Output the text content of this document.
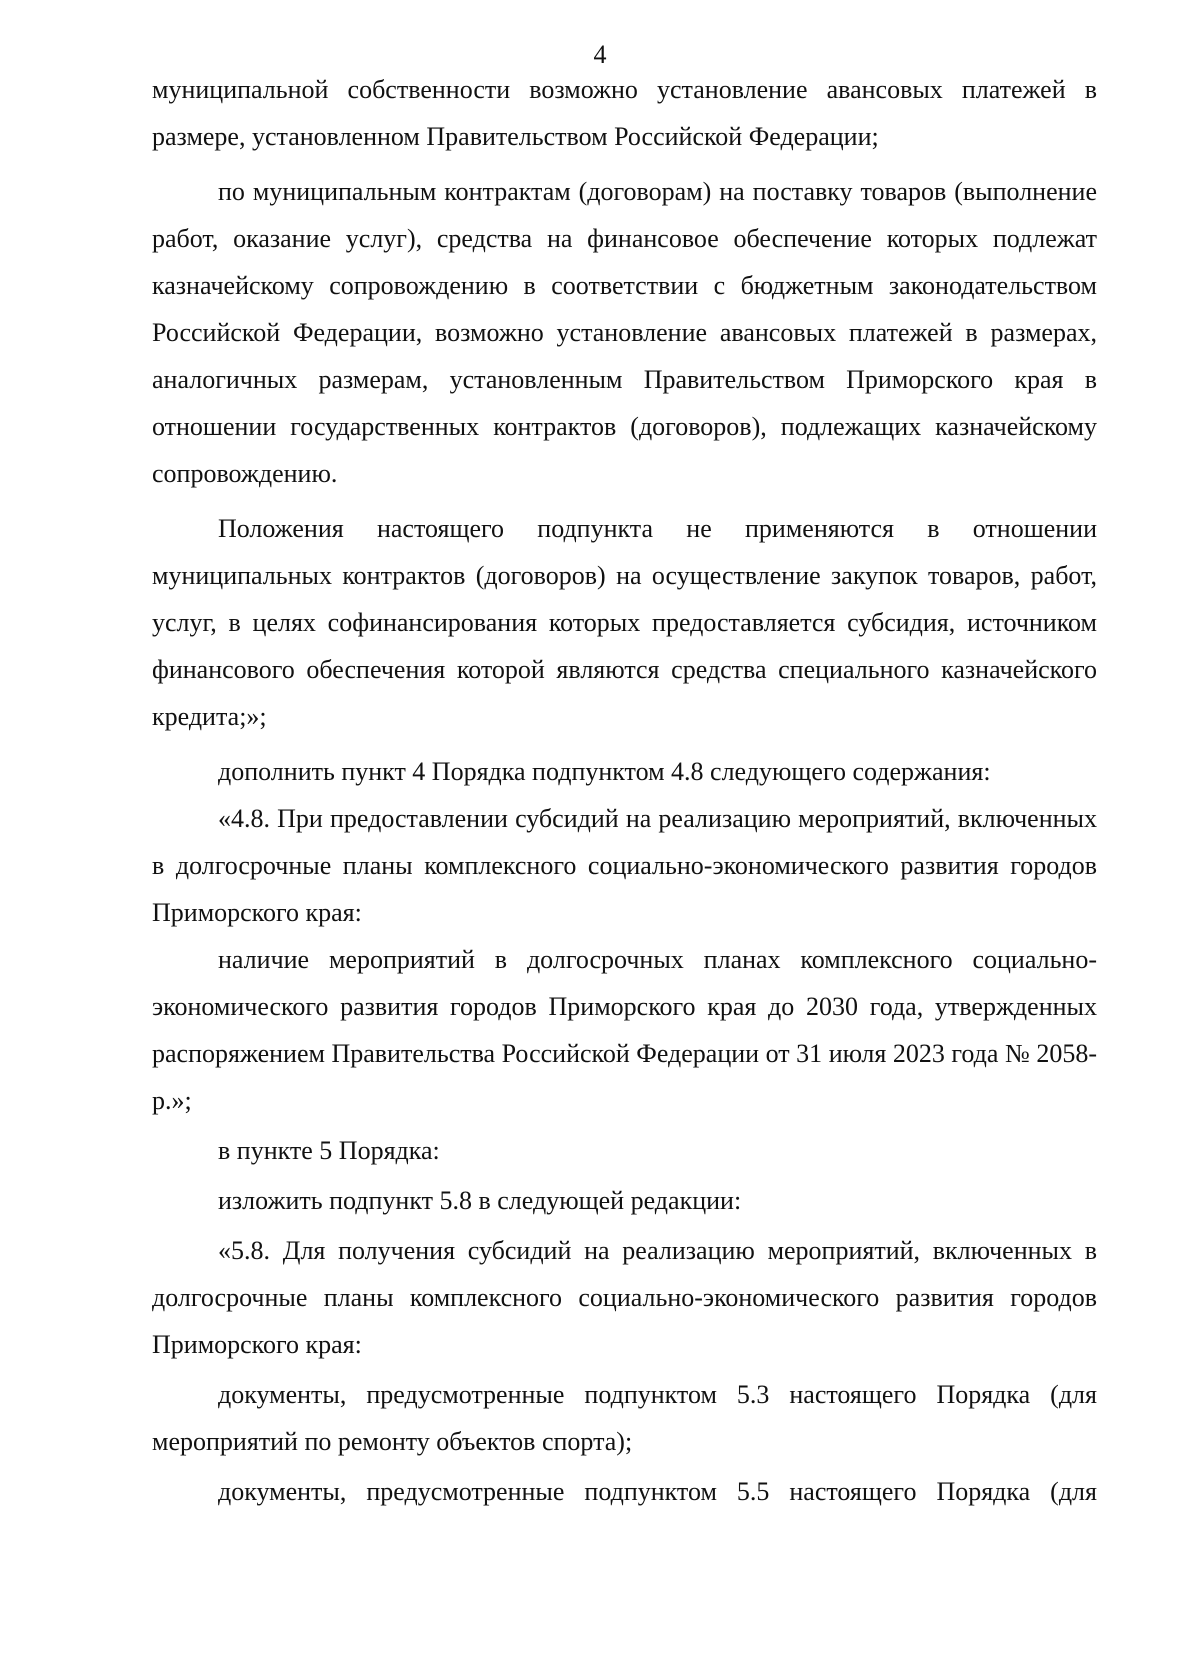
4

муниципальной собственности возможно установление авансовых платежей в размере, установленном Правительством Российской Федерации;

по муниципальным контрактам (договорам) на поставку товаров (выполнение работ, оказание услуг), средства на финансовое обеспечение которых подлежат казначейскому сопровождению в соответствии с бюджетным законодательством Российской Федерации, возможно установление авансовых платежей в размерах, аналогичных размерам, установленным Правительством Приморского края в отношении государственных контрактов (договоров), подлежащих казначейскому сопровождению.

Положения настоящего подпункта не применяются в отношении муниципальных контрактов (договоров) на осуществление закупок товаров, работ, услуг, в целях софинансирования которых предоставляется субсидия, источником финансового обеспечения которой являются средства специального казначейского кредита;»;

дополнить пункт 4 Порядка подпунктом 4.8 следующего содержания:

«4.8. При предоставлении субсидий на реализацию мероприятий, включенных в долгосрочные планы комплексного социально-экономического развития городов Приморского края:

наличие мероприятий в долгосрочных планах комплексного социально-экономического развития городов Приморского края до 2030 года, утвержденных распоряжением Правительства Российской Федерации от 31 июля 2023 года № 2058-р.»;

в пункте 5 Порядка:

изложить подпункт 5.8 в следующей редакции:

«5.8. Для получения субсидий на реализацию мероприятий, включенных в долгосрочные планы комплексного социально-экономического развития городов Приморского края:

документы, предусмотренные подпунктом 5.3 настоящего Порядка (для мероприятий по ремонту объектов спорта);

документы, предусмотренные подпунктом 5.5 настоящего Порядка (для
